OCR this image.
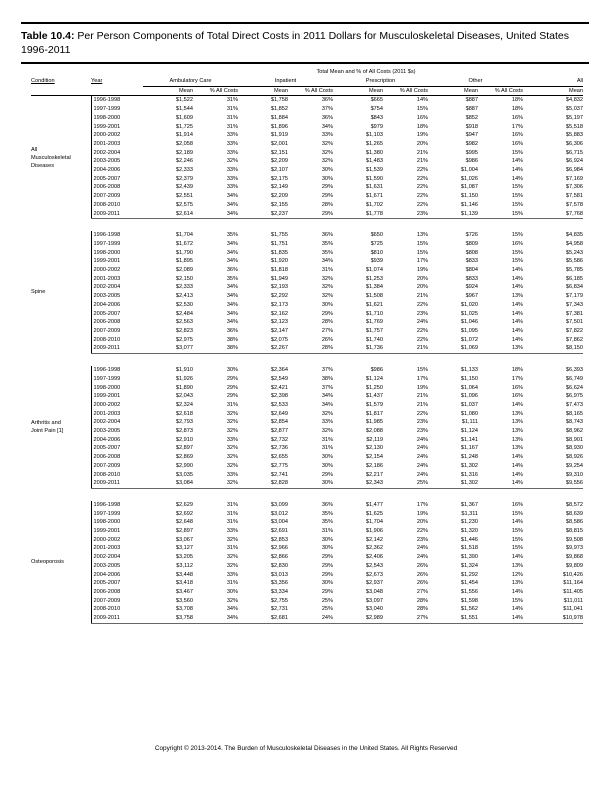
Table 10.4: Per Person Components of Total Direct Costs in 2011 Dollars for Musculoskeletal Diseases, United States 1996-2011
Total Mean and % of All Costs (2011 $s)
Condition	Year	Ambulatory Care		Inpatient		Prescription		Other		All
		Mean	% All Costs	Mean	% All Costs	Mean	% All Costs	Mean	% All Costs	Mean

All
Musculoskeletal
Diseases	1996-1998	$1,522	31%	$1,758	36%	$665	14%	$887	18%	$4,832
	1997-1999	$1,544	31%	$1,852	37%	$754	15%	$887	18%	$5,037
	1998-2000	$1,609	31%	$1,884	36%	$843	16%	$852	16%	$5,197
	1999-2001	$1,725	31%	$1,896	34%	$979	18%	$918	17%	$5,518
	2000-2002	$1,914	33%	$1,919	33%	$1,103	19%	$947	16%	$5,883
	2001-2003	$2,058	33%	$2,001	32%	$1,265	20%	$982	16%	$6,306
	2002-2004	$2,189	33%	$2,151	32%	$1,380	21%	$995	15%	$6,715
	2003-2005	$2,246	32%	$2,209	32%	$1,483	21%	$986	14%	$6,924
	2004-2006	$2,333	33%	$2,107	30%	$1,539	22%	$1,004	14%	$6,984
	2005-2007	$2,379	33%	$2,175	30%	$1,590	22%	$1,026	14%	$7,169
	2006-2008	$2,439	33%	$2,149	29%	$1,631	22%	$1,087	15%	$7,306
	2007-2009	$2,551	34%	$2,209	29%	$1,671	22%	$1,150	15%	$7,581
	2008-2010	$2,575	34%	$2,155	28%	$1,702	22%	$1,146	15%	$7,578
	2009-2011	$2,614	34%	$2,237	29%	$1,778	23%	$1,139	15%	$7,768

Spine	1996-1998	$1,704	35%	$1,755	36%	$650	13%	$726	15%	$4,835
	1997-1999	$1,672	34%	$1,751	35%	$725	15%	$809	16%	$4,958
	1998-2000	$1,790	34%	$1,835	35%	$810	15%	$808	15%	$5,243
	1999-2001	$1,895	34%	$1,920	34%	$939	17%	$833	15%	$5,586
	2000-2002	$2,089	36%	$1,818	31%	$1,074	19%	$804	14%	$5,785
	2001-2003	$2,150	35%	$1,949	32%	$1,253	20%	$833	14%	$6,185
	2002-2004	$2,333	34%	$2,193	32%	$1,384	20%	$924	14%	$6,834
	2003-2005	$2,413	34%	$2,292	32%	$1,508	21%	$967	13%	$7,179
	2004-2006	$2,530	34%	$2,173	30%	$1,621	22%	$1,020	14%	$7,343
	2005-2007	$2,484	34%	$2,162	29%	$1,710	23%	$1,025	14%	$7,381
	2006-2008	$2,563	34%	$2,123	28%	$1,769	24%	$1,046	14%	$7,501
	2007-2009	$2,823	36%	$2,147	27%	$1,757	22%	$1,095	14%	$7,822
	2008-2010	$2,975	38%	$2,075	26%	$1,740	22%	$1,072	14%	$7,862
	2009-2011	$3,077	38%	$2,267	28%	$1,736	21%	$1,069	13%	$8,150

Arthritis and
Joint Pain [1]	1996-1998	$1,910	30%	$2,364	37%	$986	15%	$1,133	18%	$6,393
	1997-1999	$1,926	29%	$2,549	38%	$1,124	17%	$1,150	17%	$6,749
	1998-2000	$1,890	29%	$2,421	37%	$1,250	19%	$1,064	16%	$6,624
	1999-2001	$2,043	29%	$2,398	34%	$1,437	21%	$1,096	16%	$6,975
	2000-2002	$2,324	31%	$2,533	34%	$1,579	21%	$1,037	14%	$7,473
	2001-2003	$2,618	32%	$2,649	32%	$1,817	22%	$1,080	13%	$8,165
	2002-2004	$2,793	32%	$2,854	33%	$1,985	23%	$1,111	13%	$8,743
	2003-2005	$2,873	32%	$2,877	32%	$2,088	23%	$1,124	13%	$8,962
	2004-2006	$2,910	33%	$2,732	31%	$2,119	24%	$1,141	13%	$8,901
	2005-2007	$2,897	32%	$2,736	31%	$2,130	24%	$1,167	13%	$8,930
	2006-2008	$2,869	32%	$2,655	30%	$2,154	24%	$1,248	14%	$8,926
	2007-2009	$2,990	32%	$2,775	30%	$2,186	24%	$1,302	14%	$9,254
	2008-2010	$3,035	33%	$2,741	29%	$2,217	24%	$1,316	14%	$9,310
	2009-2011	$3,084	32%	$2,828	30%	$2,343	25%	$1,302	14%	$9,556

Osteoporosis	1996-1998	$2,629	31%	$3,099	36%	$1,477	17%	$1,367	16%	$8,572
	1997-1999	$2,692	31%	$3,012	35%	$1,625	19%	$1,311	15%	$8,639
	1998-2000	$2,648	31%	$3,004	35%	$1,704	20%	$1,230	14%	$8,586
	1999-2001	$2,897	33%	$2,691	31%	$1,906	22%	$1,320	15%	$8,815
	2000-2002	$3,067	32%	$2,853	30%	$2,142	23%	$1,446	15%	$9,508
	2001-2003	$3,127	31%	$2,966	30%	$2,362	24%	$1,518	15%	$9,973
	2002-2004	$3,205	32%	$2,866	29%	$2,406	24%	$1,390	14%	$9,868
	2003-2005	$3,112	32%	$2,830	29%	$2,543	26%	$1,324	13%	$9,809
	2004-2006	$3,448	33%	$3,013	29%	$2,673	26%	$1,292	12%	$10,426
	2005-2007	$3,418	31%	$3,356	30%	$2,937	26%	$1,454	13%	$11,164
	2006-2008	$3,467	30%	$3,334	29%	$3,048	27%	$1,556	14%	$11,405
	2007-2009	$3,560	32%	$2,755	25%	$3,097	28%	$1,598	15%	$11,011
	2008-2010	$3,708	34%	$2,731	25%	$3,040	28%	$1,562	14%	$11,041
	2009-2011	$3,758	34%	$2,681	24%	$2,989	27%	$1,551	14%	$10,978
Copyright © 2013-2014. The Burden of Musculoskeletal Diseases in the United States. All Rights Reserved
